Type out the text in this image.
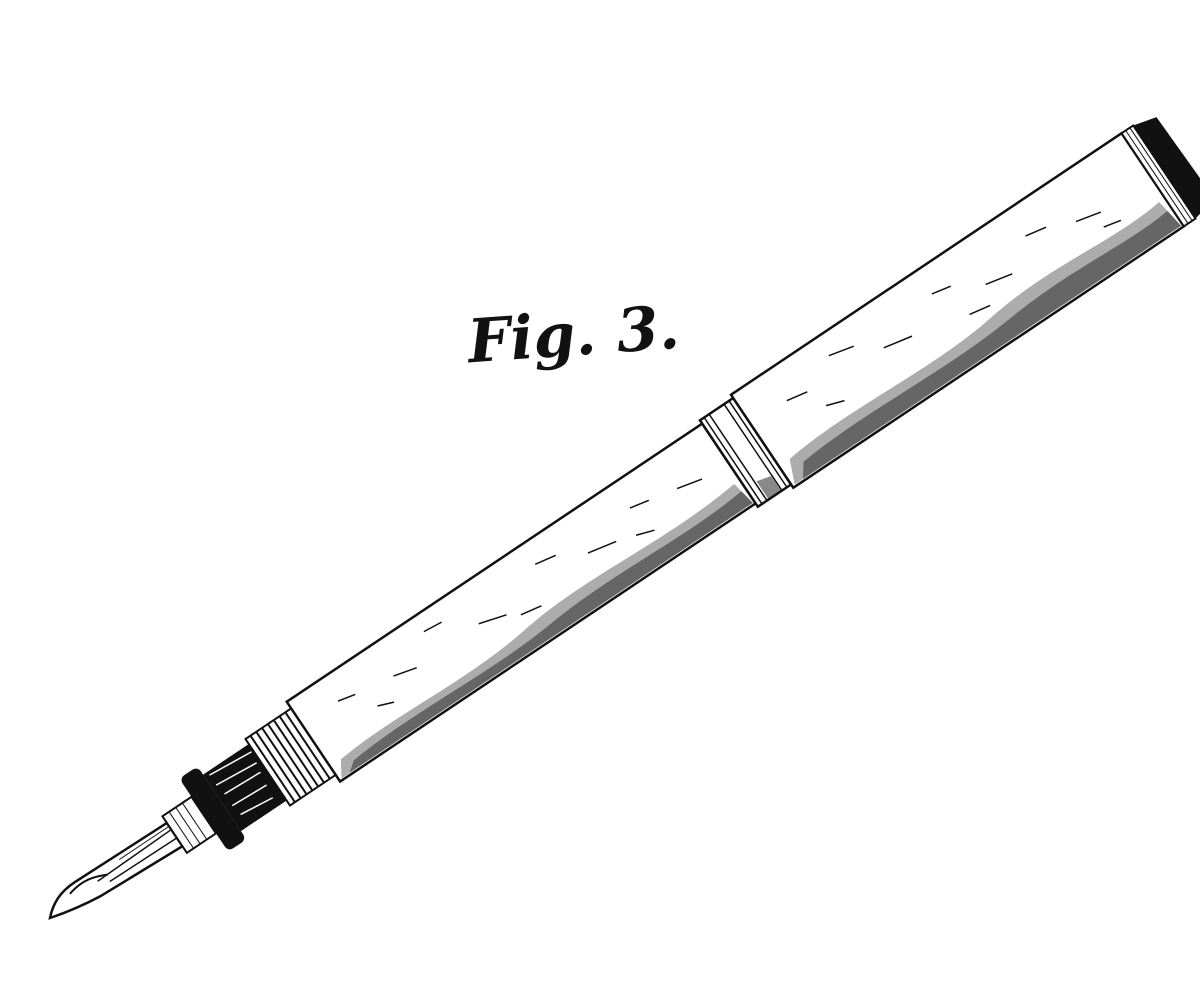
Fig. 3.
